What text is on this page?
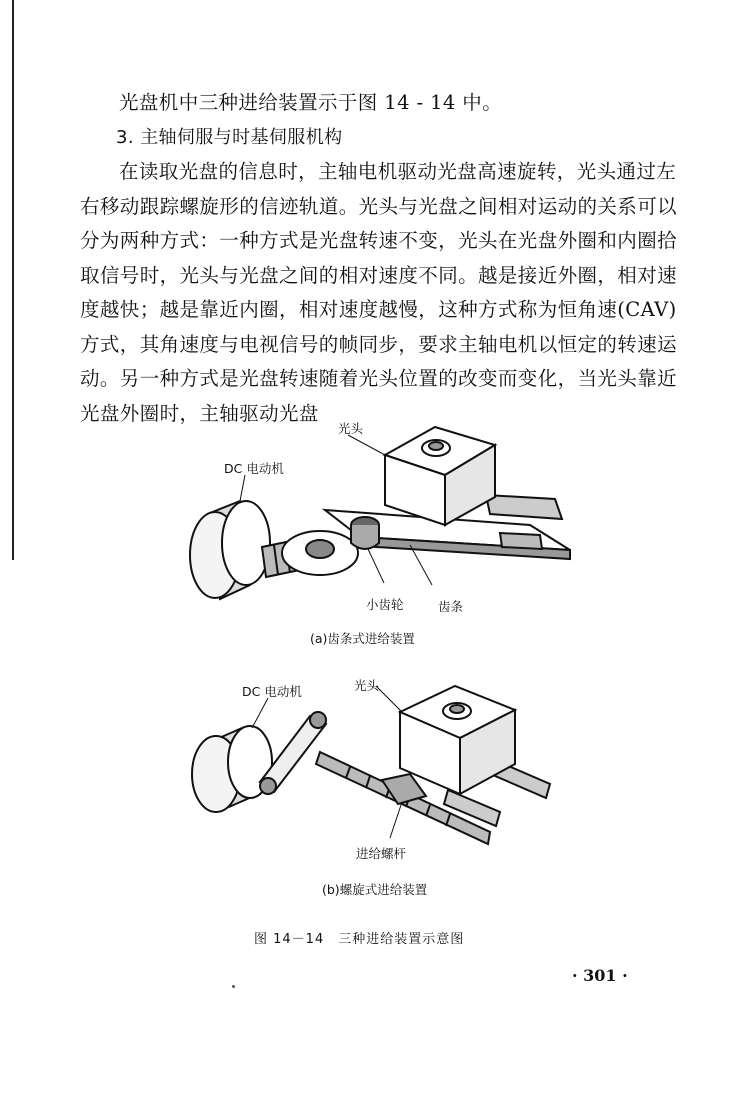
光盘机中三种进给装置示于图 14 - 14 中。

3. 主轴伺服与时基伺服机构

在读取光盘的信息时，主轴电机驱动光盘高速旋转，光头通过左右移动跟踪螺旋形的信迹轨道。光头与光盘之间相对运动的关系可以分为两种方式：一种方式是光盘转速不变，光头在光盘外圈和内圈拾取信号时，光头与光盘之间的相对速度不同。越是接近外圈，相对速度越快；越是靠近内圈，相对速度越慢，这种方式称为恒角速(CAV)方式，其角速度与电视信号的帧同步，要求主轴电机以恒定的转速运动。另一种方式是光盘转速随着光头位置的改变而变化，当光头靠近光盘外圈时，主轴驱动光盘

光头
DC 电动机
小齿轮	齿条
(a)齿条式进给装置
DC 电动机	光头
进给螺杆
(b)螺旋式进给装置
图 14－14　三种进给装置示意图
· 301 ·
